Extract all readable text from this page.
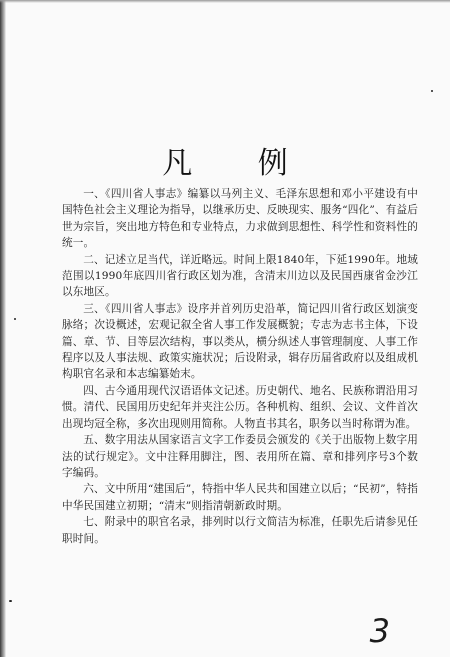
凡 例

一、《四川省人事志》编纂以马列主义、毛泽东思想和邓小平建设有中国特色社会主义理论为指导，以继承历史、反映现实、服务“四化”、有益后世为宗旨，突出地方特色和专业特点，力求做到思想性、科学性和资料性的统一。

二、记述立足当代，详近略远。时间上限1840年，下延1990年。地域范围以1990年底四川省行政区划为准，含清末川边以及民国西康省金沙江以东地区。

三、《四川省人事志》设序并首列历史沿革，简记四川省行政区划演变脉络；次设概述，宏观记叙全省人事工作发展概貌；专志为志书主体，下设篇、章、节、目等层次结构，事以类从，横分纵述人事管理制度、人事工作程序以及人事法规、政策实施状况；后设附录，辑存历届省政府以及组成机构职官名录和本志编纂始末。

四、古今通用现代汉语语体文记述。历史朝代、地名、民族称谓沿用习惯。清代、民国用历史纪年并夹注公历。各种机构、组织、会议、文件首次出现均冠全称，多次出现则用简称。人物直书其名，职务以当时称谓为准。

五、数字用法从国家语言文字工作委员会颁发的《关于出版物上数字用法的试行规定》。文中注释用脚注，图、表用所在篇、章和排列序号3个数字编码。

六、文中所用“建国后”，特指中华人民共和国建立以后；“民初”，特指中华民国建立初期；“清末”则指清朝新政时期。

七、附录中的职官名录，排列时以行文简洁为标准，任职先后请参见任职时间。

3
